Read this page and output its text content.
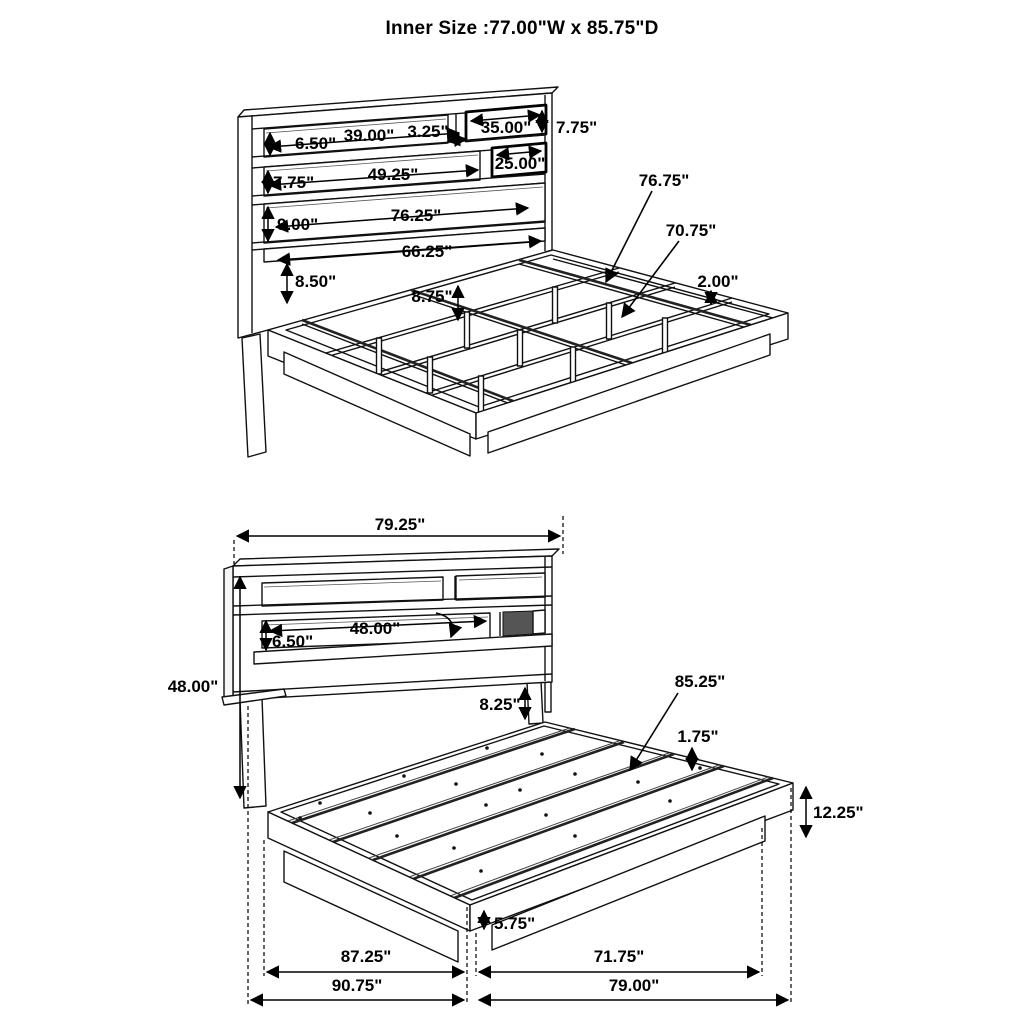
Inner Size :77.00"W x 85.75"D
6.50" 39.00" 3.25" 35.00" 7.75"
25.00"
7.75"	49.25"
9.00"	76.25"
66.25"
8.50"
8.75"
76.75"
70.75"
2.00"
79.25"
48.00"
6.50"
48.00"
8.25"
85.25"
1.75"
12.25"
5.75"
87.25"	71.75"
90.75"	79.00"
